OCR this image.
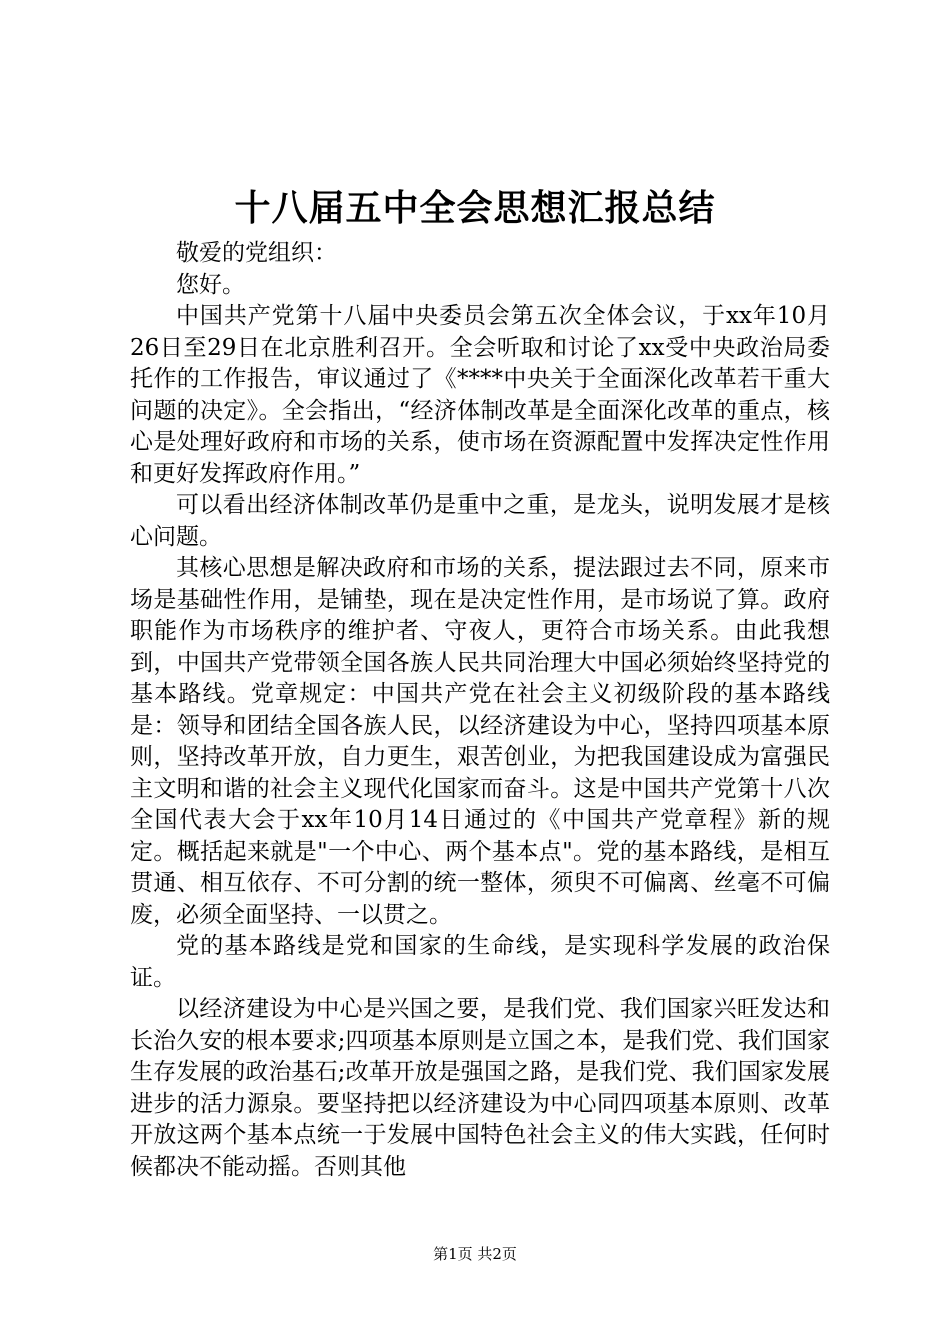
十八届五中全会思想汇报总结

敬爱的党组织：

您好。

中国共产党第十八届中央委员会第五次全体会议，于xx年10月26日至29日在北京胜利召开。全会听取和讨论了xx受中央政治局委托作的工作报告，审议通过了《****中央关于全面深化改革若干重大问题的决定》。全会指出，“经济体制改革是全面深化改革的重点，核心是处理好政府和市场的关系，使市场在资源配置中发挥决定性作用和更好发挥政府作用。”

可以看出经济体制改革仍是重中之重，是龙头，说明发展才是核心问题。

其核心思想是解决政府和市场的关系，提法跟过去不同，原来市场是基础性作用，是铺垫，现在是决定性作用，是市场说了算。政府职能作为市场秩序的维护者、守夜人，更符合市场关系。由此我想到，中国共产党带领全国各族人民共同治理大中国必须始终坚持党的基本路线。党章规定：中国共产党在社会主义初级阶段的基本路线是：领导和团结全国各族人民，以经济建设为中心，坚持四项基本原则，坚持改革开放，自力更生，艰苦创业，为把我国建设成为富强民主文明和谐的社会主义现代化国家而奋斗。这是中国共产党第十八次全国代表大会于xx年10月14日通过的《中国共产党章程》新的规定。概括起来就是"一个中心、两个基本点"。党的基本路线，是相互贯通、相互依存、不可分割的统一整体，须臾不可偏离、丝毫不可偏废，必须全面坚持、一以贯之。

党的基本路线是党和国家的生命线，是实现科学发展的政治保证。

以经济建设为中心是兴国之要，是我们党、我们国家兴旺发达和长治久安的根本要求;四项基本原则是立国之本，是我们党、我们国家生存发展的政治基石;改革开放是强国之路，是我们党、我们国家发展进步的活力源泉。要坚持把以经济建设为中心同四项基本原则、改革开放这两个基本点统一于发展中国特色社会主义的伟大实践，任何时候都决不能动摇。否则其他

第1页 共2页
